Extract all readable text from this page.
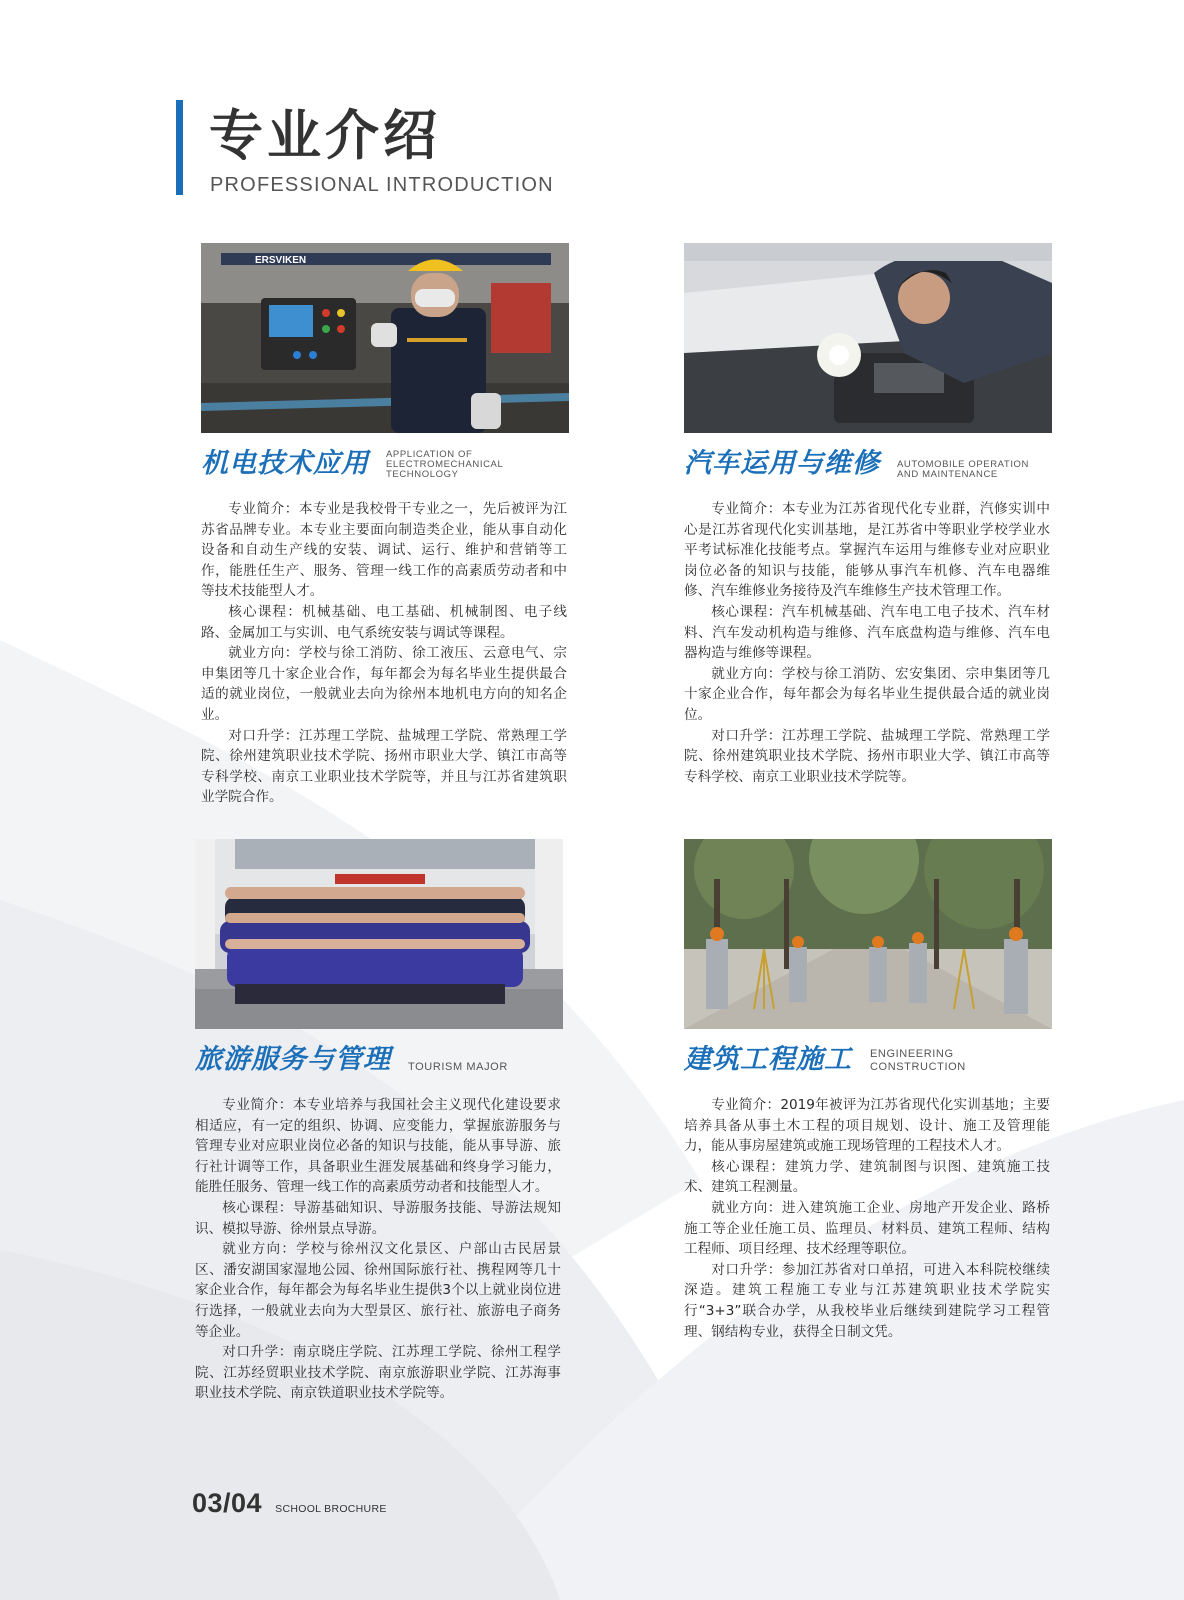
专业介绍
PROFESSIONAL INTRODUCTION
ERSVIKEN
机电技术应用 APPLICATION OF
ELECTROMECHANICAL
TECHNOLOGY

专业简介：本专业是我校骨干专业之一，先后被评为江苏省品牌专业。本专业主要面向制造类企业，能从事自动化设备和自动生产线的安装、调试、运行、维护和营销等工作，能胜任生产、服务、管理一线工作的高素质劳动者和中等技术技能型人才。

核心课程：机械基础、电工基础、机械制图、电子线路、金属加工与实训、电气系统安装与调试等课程。

就业方向：学校与徐工消防、徐工液压、云意电气、宗申集团等几十家企业合作，每年都会为每名毕业生提供最合适的就业岗位，一般就业去向为徐州本地机电方向的知名企业。

对口升学：江苏理工学院、盐城理工学院、常熟理工学院、徐州建筑职业技术学院、扬州市职业大学、镇江市高等专科学校、南京工业职业技术学院等，并且与江苏省建筑职业学院合作。

汽车运用与维修 AUTOMOBILE OPERATION
AND MAINTENANCE

专业简介：本专业为江苏省现代化专业群，汽修实训中心是江苏省现代化实训基地，是江苏省中等职业学校学业水平考试标准化技能考点。掌握汽车运用与维修专业对应职业岗位必备的知识与技能，能够从事汽车机修、汽车电器维修、汽车维修业务接待及汽车维修生产技术管理工作。

核心课程：汽车机械基础、汽车电工电子技术、汽车材料、汽车发动机构造与维修、汽车底盘构造与维修、汽车电器构造与维修等课程。

就业方向：学校与徐工消防、宏安集团、宗申集团等几十家企业合作，每年都会为每名毕业生提供最合适的就业岗位。

对口升学：江苏理工学院、盐城理工学院、常熟理工学院、徐州建筑职业技术学院、扬州市职业大学、镇江市高等专科学校、南京工业职业技术学院等。

旅游服务与管理 TOURISM MAJOR

专业简介：本专业培养与我国社会主义现代化建设要求相适应，有一定的组织、协调、应变能力，掌握旅游服务与管理专业对应职业岗位必备的知识与技能，能从事导游、旅行社计调等工作，具备职业生涯发展基础和终身学习能力，能胜任服务、管理一线工作的高素质劳动者和技能型人才。

核心课程：导游基础知识、导游服务技能、导游法规知识、模拟导游、徐州景点导游。

就业方向：学校与徐州汉文化景区、户部山古民居景区、潘安湖国家湿地公园、徐州国际旅行社、携程网等几十家企业合作，每年都会为每名毕业生提供3个以上就业岗位进行选择，一般就业去向为大型景区、旅行社、旅游电子商务等企业。

对口升学：南京晓庄学院、江苏理工学院、徐州工程学院、江苏经贸职业技术学院、南京旅游职业学院、江苏海事职业技术学院、南京铁道职业技术学院等。

建筑工程施工 ENGINEERING
CONSTRUCTION

专业简介：2019年被评为江苏省现代化实训基地；主要培养具备从事土木工程的项目规划、设计、施工及管理能力，能从事房屋建筑或施工现场管理的工程技术人才。

核心课程：建筑力学、建筑制图与识图、建筑施工技术、建筑工程测量。

就业方向：进入建筑施工企业、房地产开发企业、路桥施工等企业任施工员、监理员、材料员、建筑工程师、结构工程师、项目经理、技术经理等职位。

对口升学：参加江苏省对口单招，可进入本科院校继续深造。建筑工程施工专业与江苏建筑职业技术学院实行“3+3”联合办学，从我校毕业后继续到建院学习工程管理、钢结构专业，获得全日制文凭。

03/04 SCHOOL BROCHURE
